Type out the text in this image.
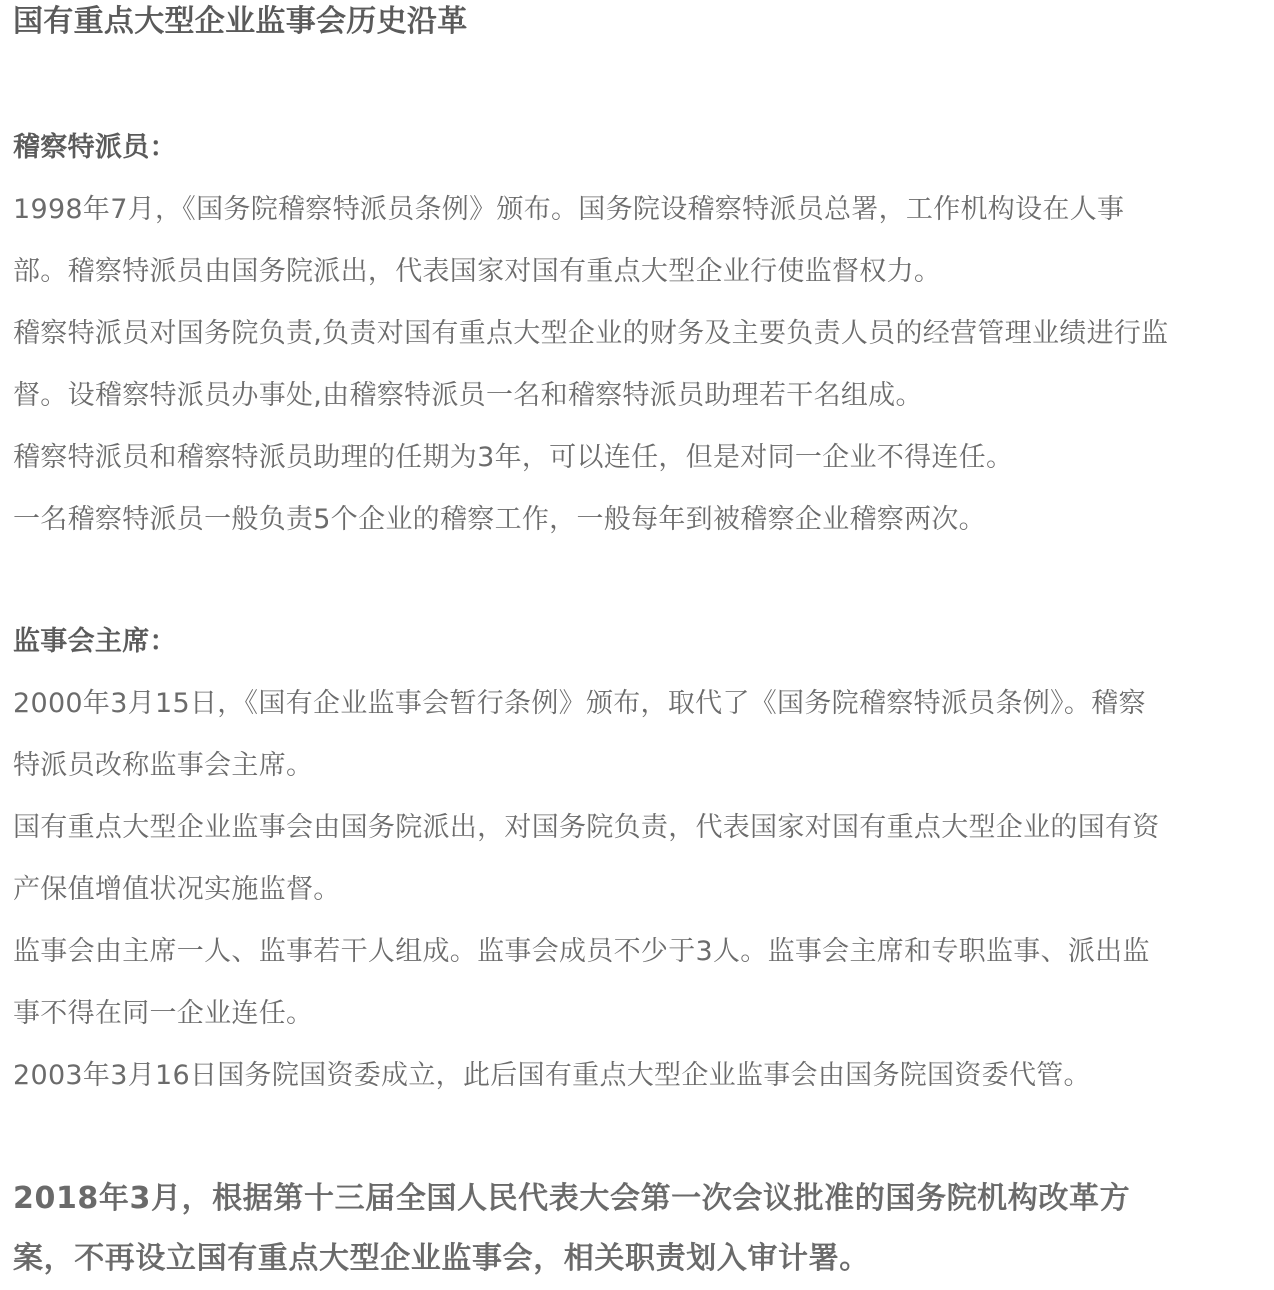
国有重点大型企业监事会历史沿革
稽察特派员：
1998年7月，《国务院稽察特派员条例》颁布。国务院设稽察特派员总署，工作机构设在人事
部。稽察特派员由国务院派出，代表国家对国有重点大型企业行使监督权力。
稽察特派员对国务院负责,负责对国有重点大型企业的财务及主要负责人员的经营管理业绩进行监
督。设稽察特派员办事处,由稽察特派员一名和稽察特派员助理若干名组成。
稽察特派员和稽察特派员助理的任期为3年，可以连任，但是对同一企业不得连任。
一名稽察特派员一般负责5个企业的稽察工作，一般每年到被稽察企业稽察两次。
监事会主席：
2000年3月15日，《国有企业监事会暂行条例》颁布，取代了《国务院稽察特派员条例》。稽察
特派员改称监事会主席。
国有重点大型企业监事会由国务院派出，对国务院负责，代表国家对国有重点大型企业的国有资
产保值增值状况实施监督。
监事会由主席一人、监事若干人组成。监事会成员不少于3人。监事会主席和专职监事、派出监
事不得在同一企业连任。
2003年3月16日国务院国资委成立，此后国有重点大型企业监事会由国务院国资委代管。
2018年3月，根据第十三届全国人民代表大会第一次会议批准的国务院机构改革方
案，不再设立国有重点大型企业监事会，相关职责划入审计署。
